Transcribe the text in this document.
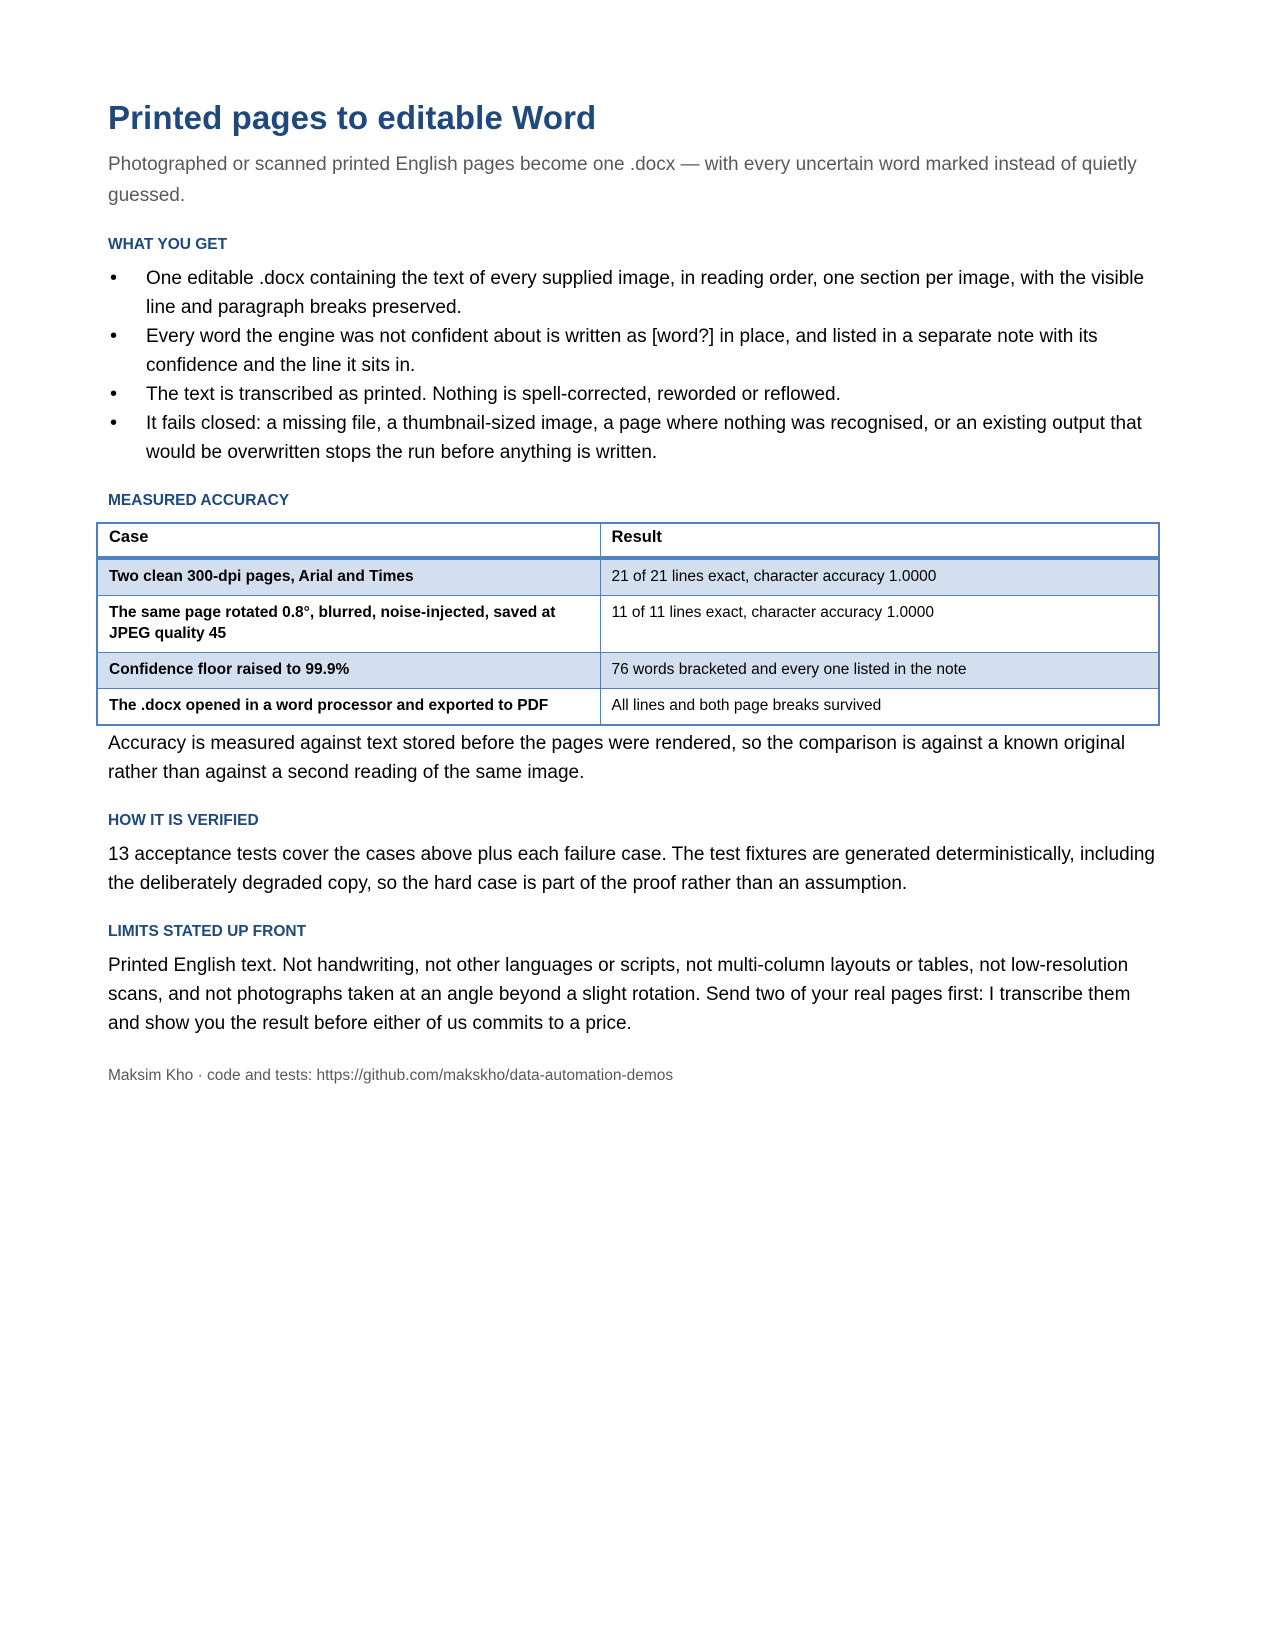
Printed pages to editable Word

Photographed or scanned printed English pages become one .docx — with every uncertain word marked instead of quietly guessed.

WHAT YOU GET
• One editable .docx containing the text of every supplied image, in reading order, one section per image, with the visible line and paragraph breaks preserved.
• Every word the engine was not confident about is written as [word?] in place, and listed in a separate note with its confidence and the line it sits in.
• The text is transcribed as printed. Nothing is spell-corrected, reworded or reflowed.
• It fails closed: a missing file, a thumbnail-sized image, a page where nothing was recognised, or an existing output that would be overwritten stops the run before anything is written.
MEASURED ACCURACY
Case	Result
Two clean 300-dpi pages, Arial and Times	21 of 21 lines exact, character accuracy 1.0000
The same page rotated 0.8°, blurred, noise-injected, saved at JPEG quality 45	11 of 11 lines exact, character accuracy 1.0000
Confidence floor raised to 99.9%	76 words bracketed and every one listed in the note
The .docx opened in a word processor and exported to PDF	All lines and both page breaks survived

Accuracy is measured against text stored before the pages were rendered, so the comparison is against a known original rather than against a second reading of the same image.

HOW IT IS VERIFIED

13 acceptance tests cover the cases above plus each failure case. The test fixtures are generated deterministically, including the deliberately degraded copy, so the hard case is part of the proof rather than an assumption.

LIMITS STATED UP FRONT

Printed English text. Not handwriting, not other languages or scripts, not multi-column layouts or tables, not low-resolution scans, and not photographs taken at an angle beyond a slight rotation. Send two of your real pages first: I transcribe them and show you the result before either of us commits to a price.

Maksim Kho · code and tests: https://github.com/makskho/data-automation-demos
